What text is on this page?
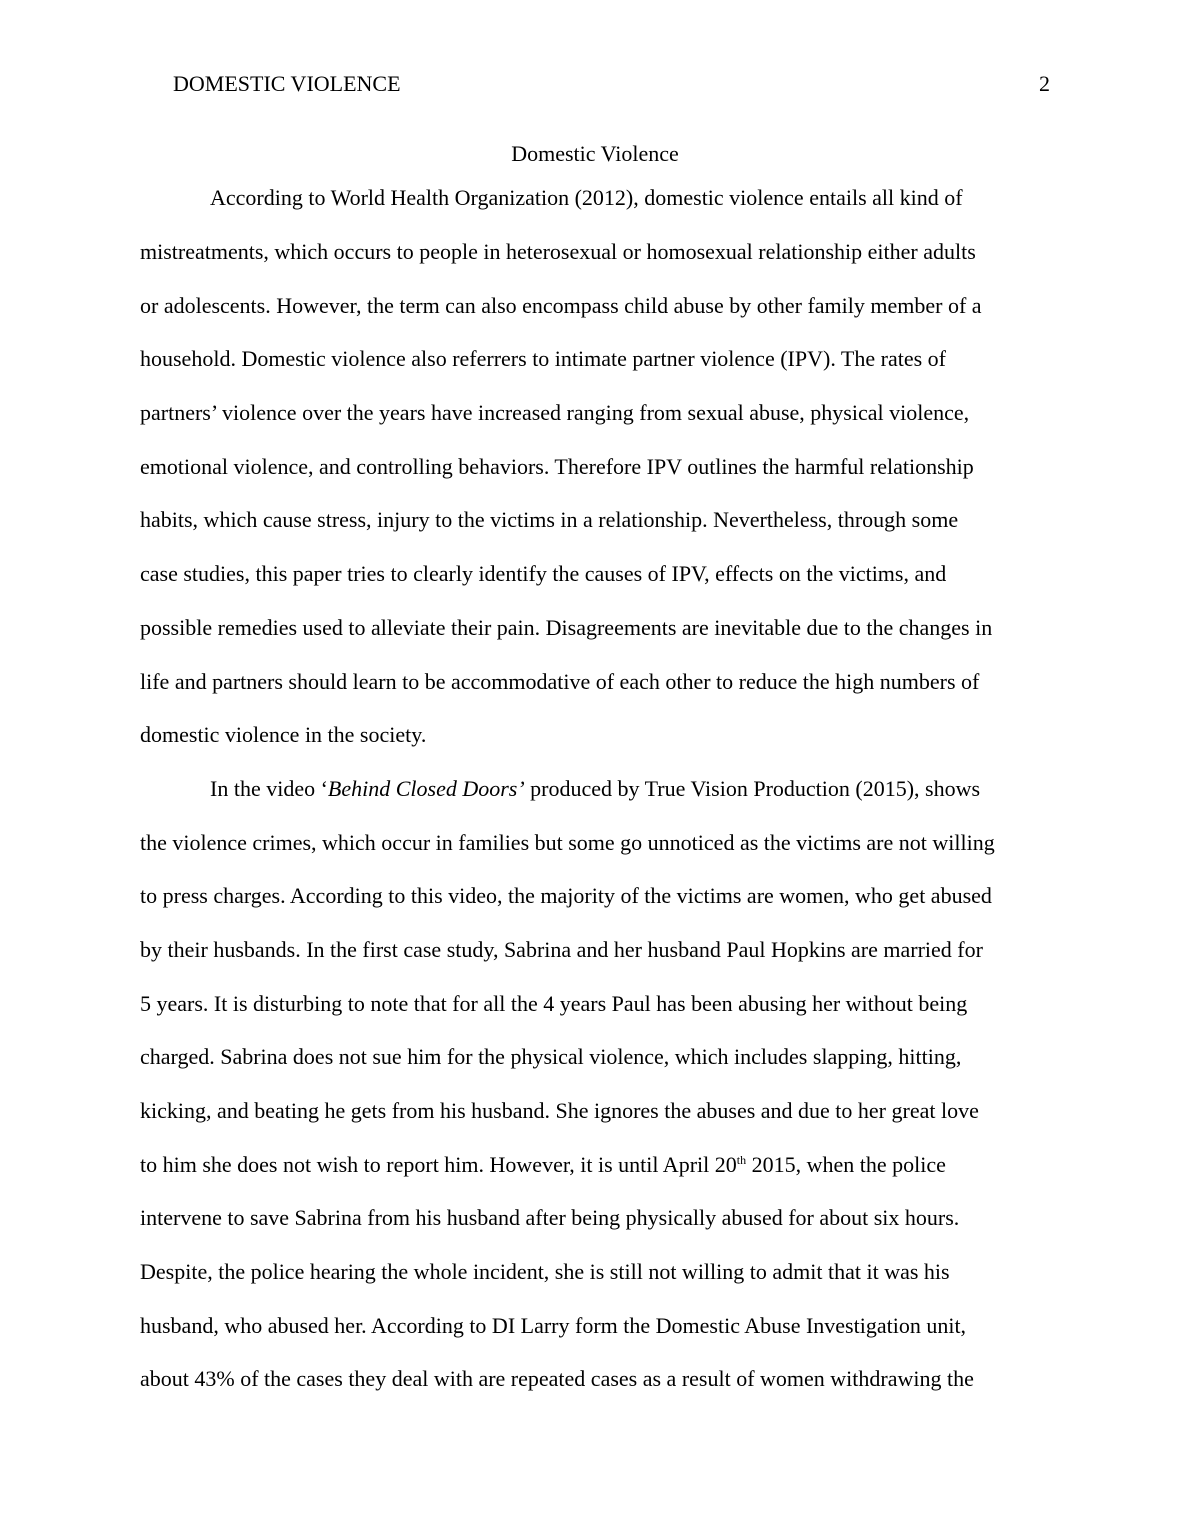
DOMESTIC VIOLENCE	2
Domestic Violence
According to World Health Organization (2012), domestic violence entails all kind of
mistreatments, which occurs to people in heterosexual or homosexual relationship either adults
or adolescents. However, the term can also encompass child abuse by other family member of a
household. Domestic violence also referrers to intimate partner violence (IPV). The rates of
partners’ violence over the years have increased ranging from sexual abuse, physical violence,
emotional violence, and controlling behaviors. Therefore IPV outlines the harmful relationship
habits, which cause stress, injury to the victims in a relationship. Nevertheless, through some
case studies, this paper tries to clearly identify the causes of IPV, effects on the victims, and
possible remedies used to alleviate their pain. Disagreements are inevitable due to the changes in
life and partners should learn to be accommodative of each other to reduce the high numbers of
domestic violence in the society.
In the video ‘Behind Closed Doors’ produced by True Vision Production (2015), shows
the violence crimes, which occur in families but some go unnoticed as the victims are not willing
to press charges. According to this video, the majority of the victims are women, who get abused
by their husbands. In the first case study, Sabrina and her husband Paul Hopkins are married for
5 years. It is disturbing to note that for all the 4 years Paul has been abusing her without being
charged. Sabrina does not sue him for the physical violence, which includes slapping, hitting,
kicking, and beating he gets from his husband. She ignores the abuses and due to her great love
to him she does not wish to report him. However, it is until April 20th 2015, when the police
intervene to save Sabrina from his husband after being physically abused for about six hours.
Despite, the police hearing the whole incident, she is still not willing to admit that it was his
husband, who abused her. According to DI Larry form the Domestic Abuse Investigation unit,
about 43% of the cases they deal with are repeated cases as a result of women withdrawing the
